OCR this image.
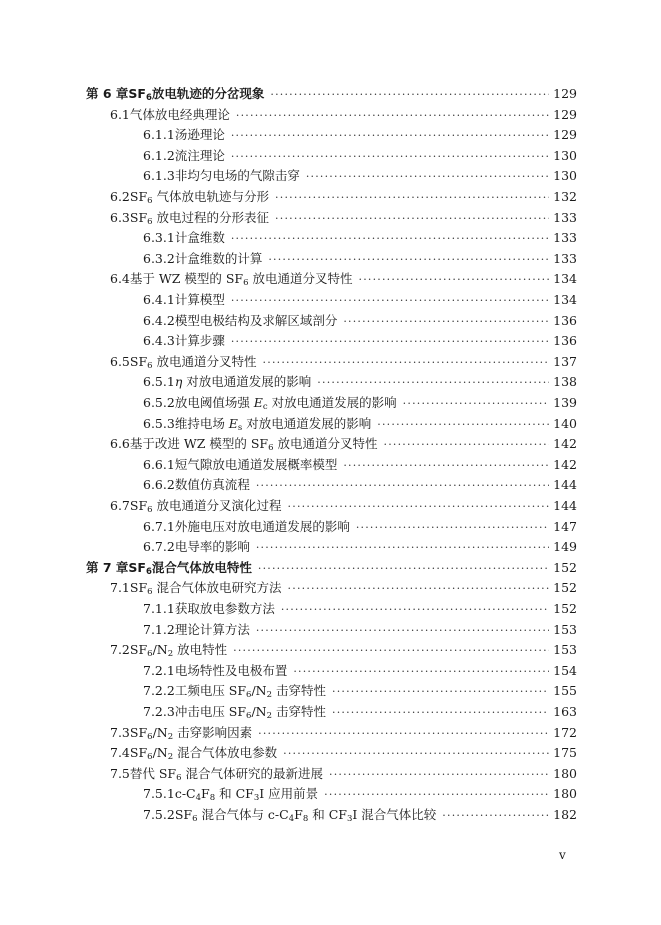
第 6 章 $SF_6$放电轨迹的分岔现象 ·····	129
6.1 气体放电经典理论 ·····	129
6.1.1 汤逊理论 ·····	129
6.1.2 流注理论 ·····	130
6.1.3 非均匀电场的气隙击穿 ·····	130
6.2 $SF_6$ 气体放电轨迹与分形 ·····	132
6.3 $SF_6$ 放电过程的分形表征 ·····	133
6.3.1 计盒维数 ·····	133
6.3.2 计盒维数的计算 ·····	133
6.4 基于 WZ 模型的 $SF_6$ 放电通道分叉特性 ·····	134
6.4.1 计算模型 ·····	134
6.4.2 模型电极结构及求解区域剖分 ·····	136
6.4.3 计算步骤 ·····	136
6.5 $SF_6$ 放电通道分叉特性 ·····	137
6.5.1 η 对放电通道发展的影响 ·····	138
6.5.2 放电阈值场强 $E_c$ 对放电通道发展的影响 ·····	139
6.5.3 维持电场 $E_s$ 对放电通道发展的影响 ·····	140
6.6 基于改进 WZ 模型的 $SF_6$ 放电通道分叉特性 ·····	142
6.6.1 短气隙放电通道发展概率模型 ·····	142
6.6.2 数值仿真流程 ·····	144
6.7 $SF_6$ 放电通道分叉演化过程 ·····	144
6.7.1 外施电压对放电通道发展的影响 ·····	147
6.7.2 电导率的影响 ·····	149
第 7 章 $SF_6$混合气体放电特性 ·····	152
7.1 $SF_6$ 混合气体放电研究方法 ·····	152
7.1.1 获取放电参数方法 ·····	152
7.1.2 理论计算方法 ·····	153
7.2 $SF_6/N_2$ 放电特性 ·····	153
7.2.1 电场特性及电极布置 ·····	154
7.2.2 工频电压 $SF_6/N_2$ 击穿特性 ·····	155
7.2.3 冲击电压 $SF_6/N_2$ 击穿特性 ·····	163
7.3 $SF_6/N_2$ 击穿影响因素 ·····	172
7.4 $SF_6/N_2$ 混合气体放电参数 ·····	175
7.5 替代 $SF_6$ 混合气体研究的最新进展 ·····	180
7.5.1 $c-C_4F_8$ 和 $CF_3I$ 应用前景 ·····	180
7.5.2 $SF_6$ 混合气体与 $c-C_4F_8$ 和 $CF_3I$ 混合气体比较 ·····	182
v
